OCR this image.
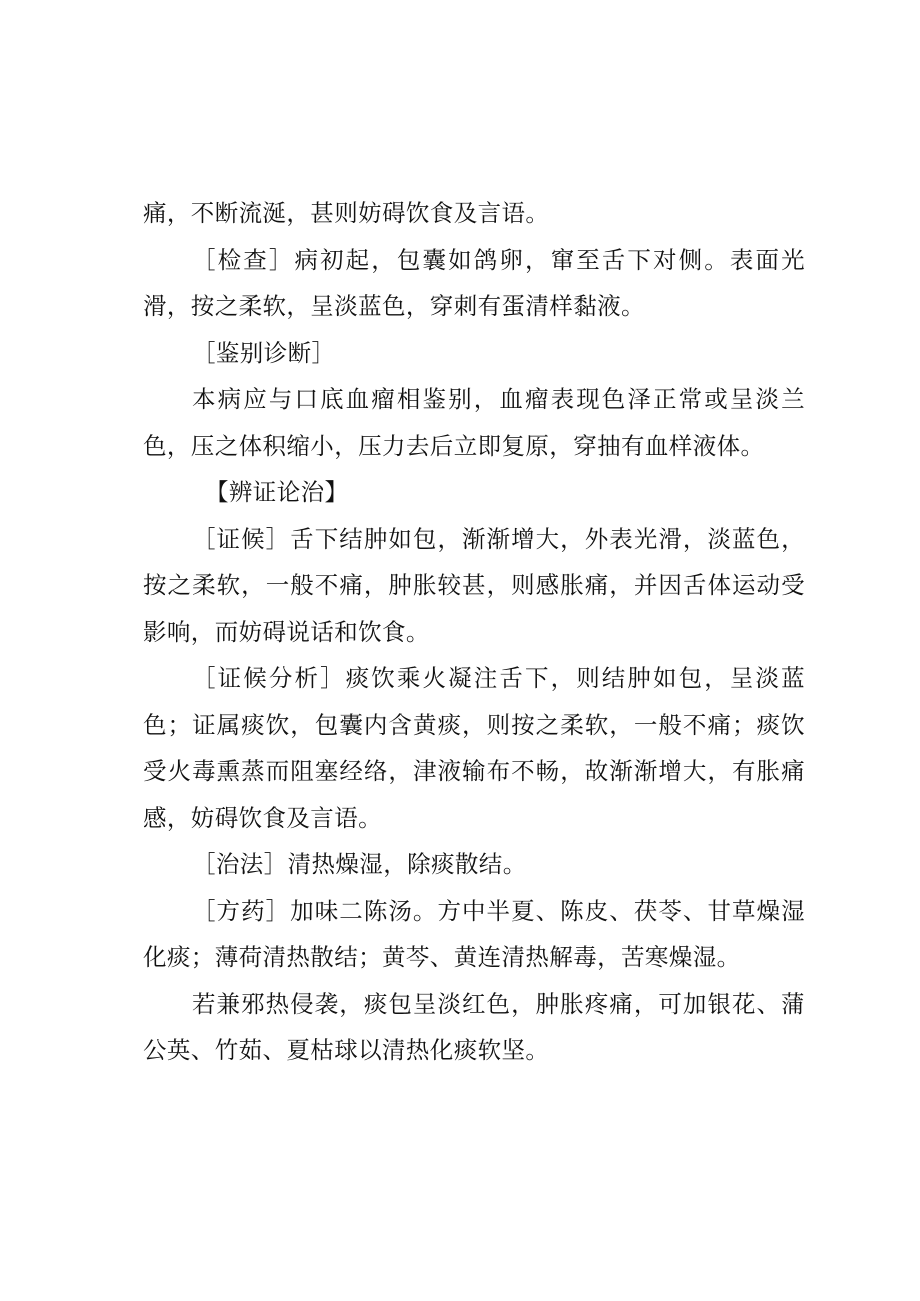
痛，不断流涎，甚则妨碍饮食及言语。

［检查］病初起，包囊如鸽卵，窜至舌下对侧。表面光滑，按之柔软，呈淡蓝色，穿刺有蛋清样黏液。

［鉴别诊断］

本病应与口底血瘤相鉴别，血瘤表现色泽正常或呈淡兰色，压之体积缩小，压力去后立即复原，穿抽有血样液体。

【辨证论治】

［证候］舌下结肿如包，渐渐增大，外表光滑，淡蓝色，按之柔软，一般不痛，肿胀较甚，则感胀痛，并因舌体运动受影响，而妨碍说话和饮食。

［证候分析］痰饮乘火凝注舌下，则结肿如包，呈淡蓝色；证属痰饮，包囊内含黄痰，则按之柔软，一般不痛；痰饮受火毒熏蒸而阻塞经络，津液输布不畅，故渐渐增大，有胀痛感，妨碍饮食及言语。

［治法］清热燥湿，除痰散结。

［方药］加味二陈汤。方中半夏、陈皮、茯苓、甘草燥湿化痰；薄荷清热散结；黄芩、黄连清热解毒，苦寒燥湿。

若兼邪热侵袭，痰包呈淡红色，肿胀疼痛，可加银花、蒲公英、竹茹、夏枯球以清热化痰软坚。
